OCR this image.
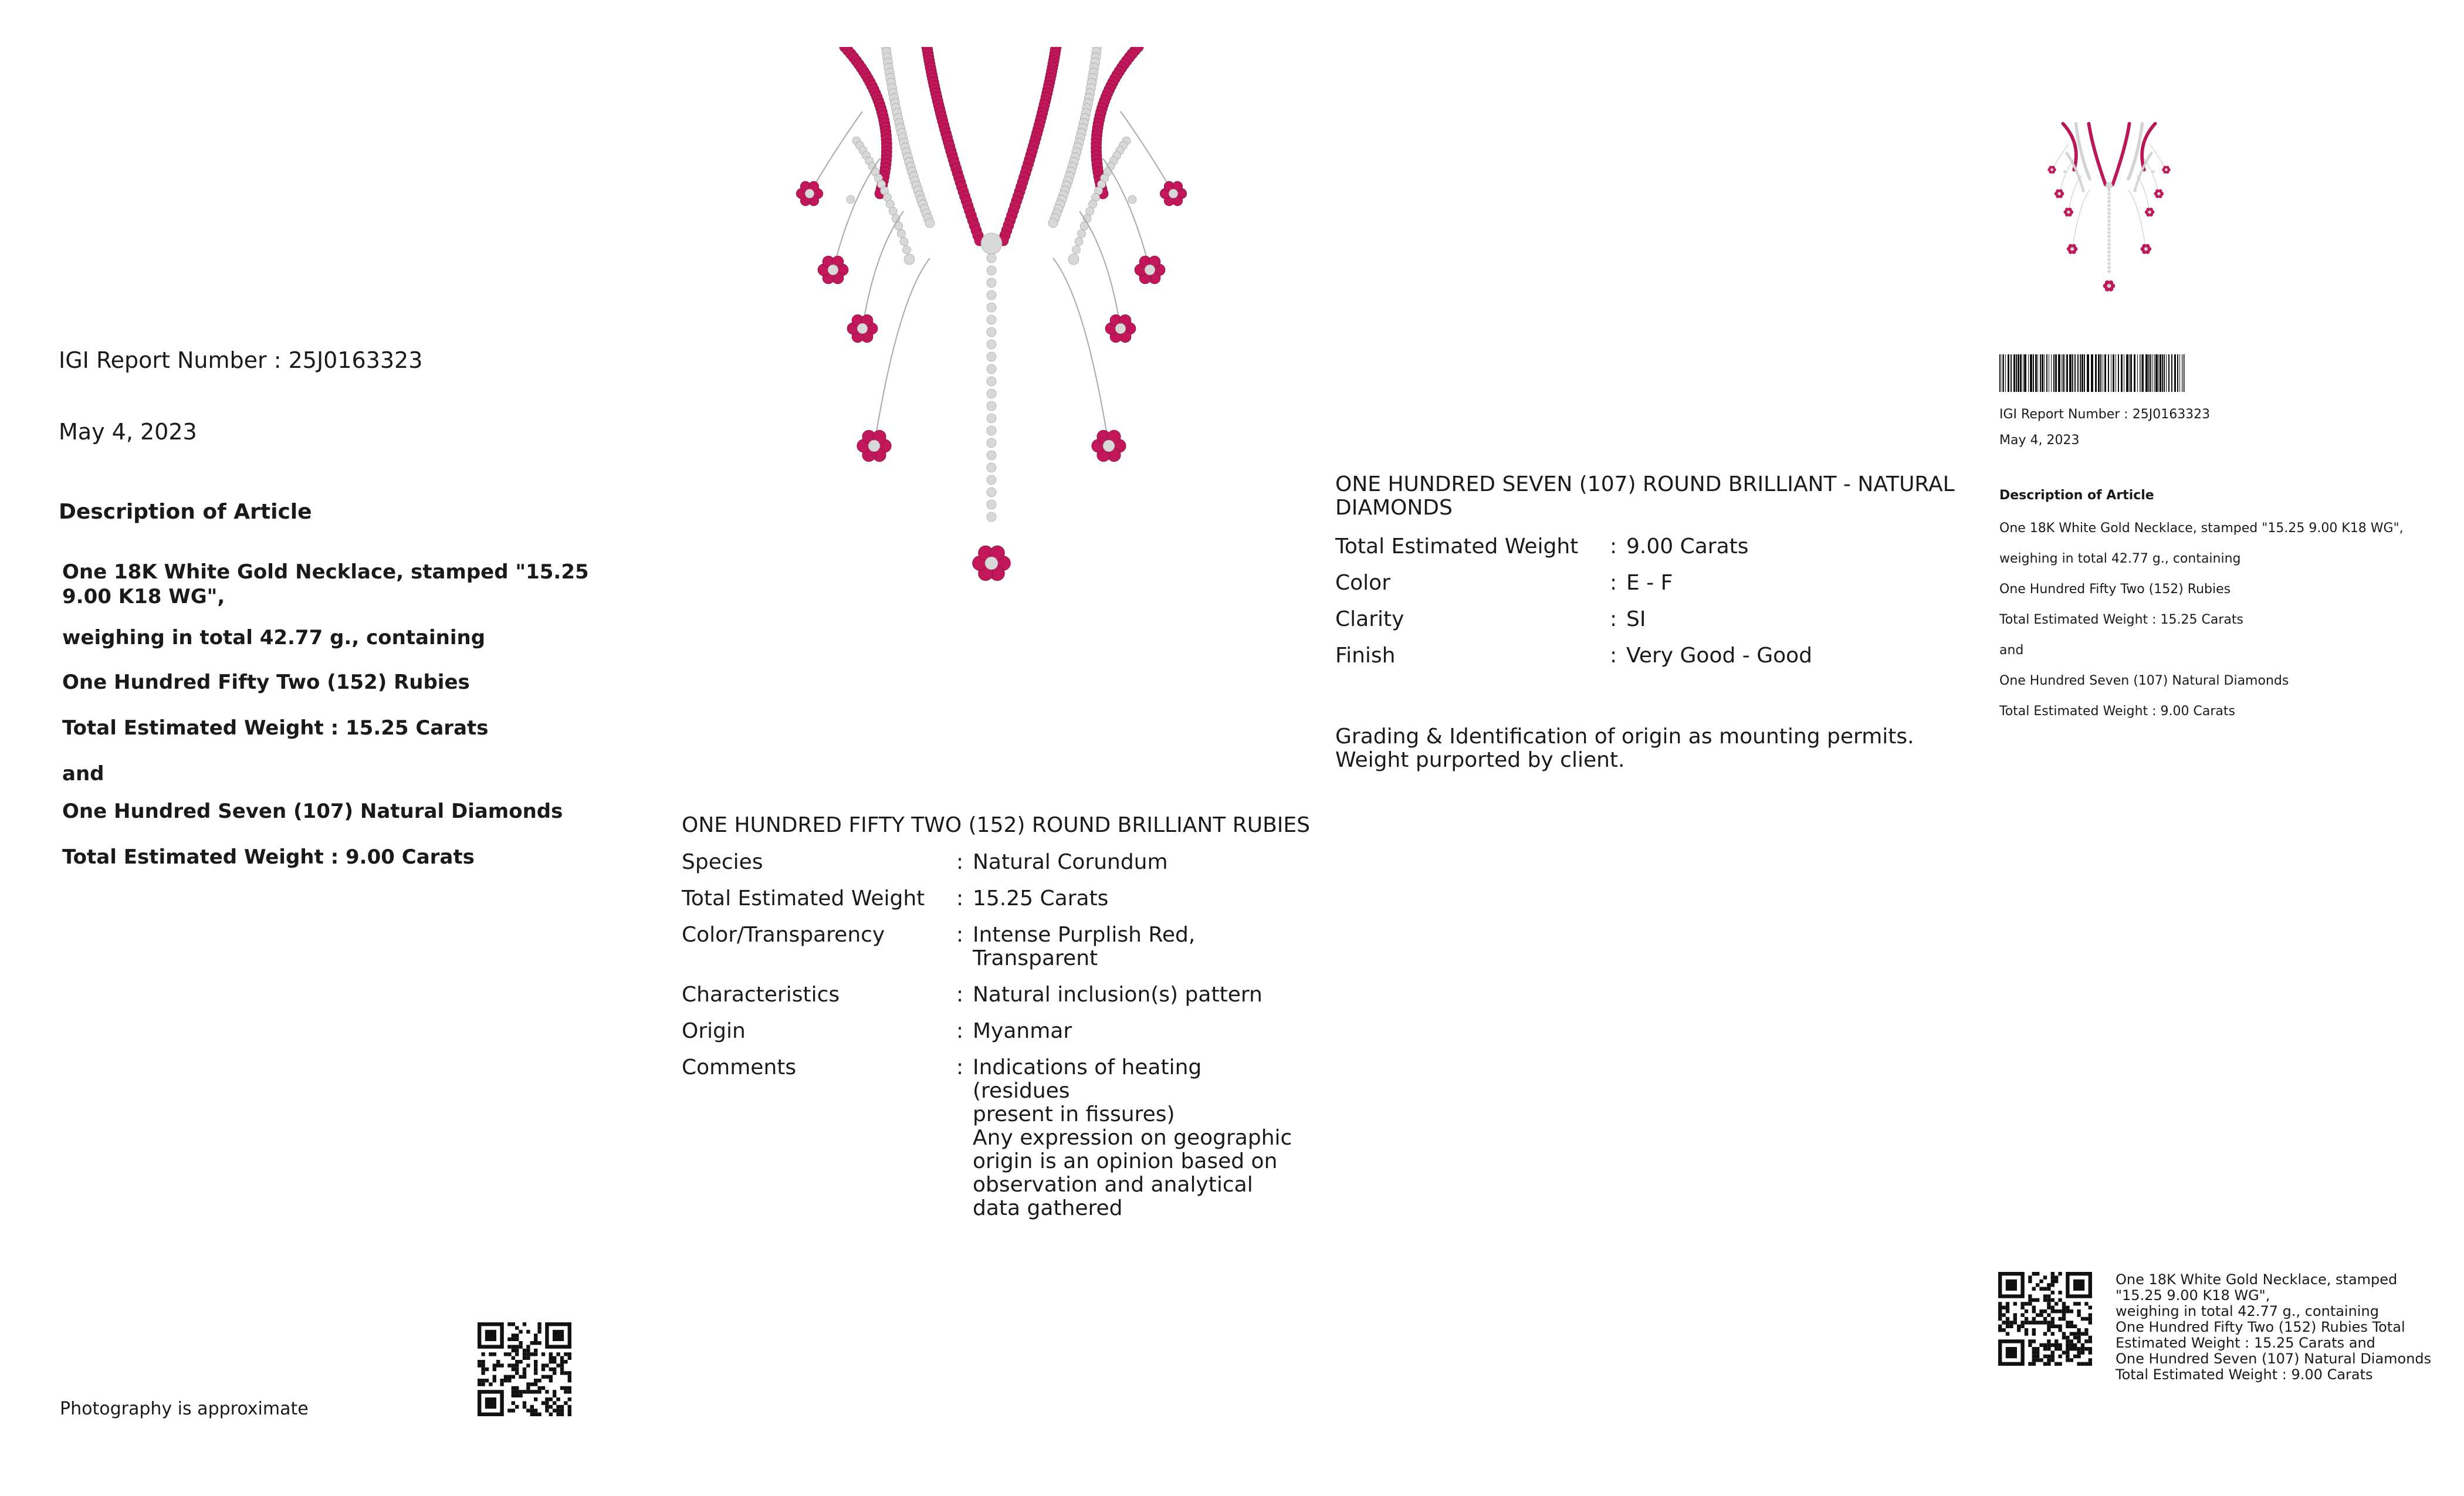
IGI Report Number : 25J0163323
May 4, 2023
Description of Article
One 18K White Gold Necklace, stamped "15.25 9.00 K18 WG",
weighing in total 42.77 g., containing
One Hundred Fifty Two (152) Rubies
Total Estimated Weight : 15.25 Carats
and
One Hundred Seven (107) Natural Diamonds
Total Estimated Weight : 9.00 Carats
Photography is approximate
ONE HUNDRED FIFTY TWO (152) ROUND BRILLIANT RUBIES
Species	: Natural Corundum
Total Estimated Weight : 15.25 Carats
Color/Transparency	: Intense Purplish Red,
Transparent
Characteristics	: Natural inclusion(s) pattern
Origin	: Myanmar
Comments	: Indications of heating (residues
present in fissures)
Any expression on geographic
origin is an opinion based on
observation and analytical
data gathered
ONE HUNDRED SEVEN (107) ROUND BRILLIANT - NATURAL
DIAMONDS
Total Estimated Weight : 9.00 Carats
Color	: E - F
Clarity	: SI
Finish	: Very Good - Good
Grading & Identification of origin as mounting permits.
Weight purported by client.
IGI Report Number : 25J0163323
May 4, 2023
Description of Article
One 18K White Gold Necklace, stamped "15.25 9.00 K18 WG",
weighing in total 42.77 g., containing
One Hundred Fifty Two (152) Rubies
Total Estimated Weight : 15.25 Carats
and
One Hundred Seven (107) Natural Diamonds
Total Estimated Weight : 9.00 Carats
One 18K White Gold Necklace, stamped
"15.25 9.00 K18 WG",
weighing in total 42.77 g., containing
One Hundred Fifty Two (152) Rubies Total
Estimated Weight : 15.25 Carats and
One Hundred Seven (107) Natural Diamonds
Total Estimated Weight : 9.00 Carats
